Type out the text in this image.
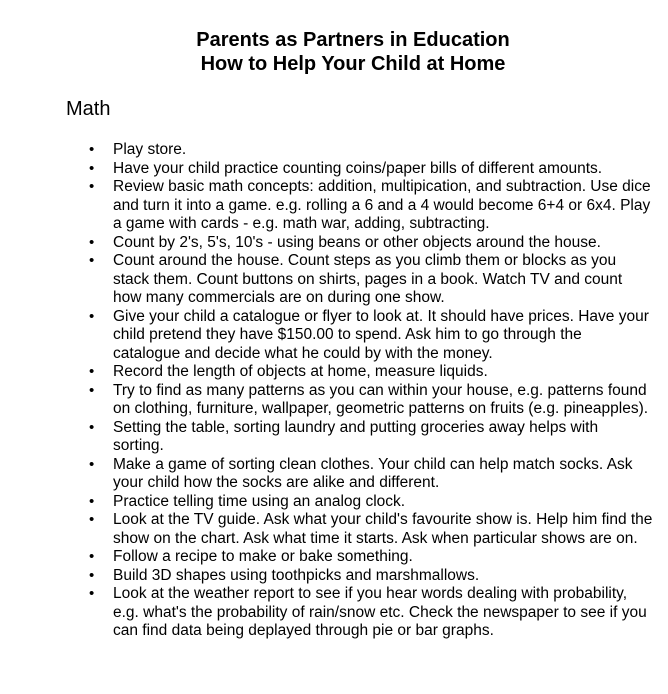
Parents as Partners in Education
How to Help Your Child at Home
Math
• Play store.
• Have your child practice counting coins/paper bills of different amounts.
• Review basic math concepts: addition, multipication, and subtraction. Use dice and turn it into a game. e.g. rolling a 6 and a 4 would become 6+4 or 6x4. Play a game with cards - e.g. math war, adding, subtracting.
• Count by 2's, 5's, 10's - using beans or other objects around the house.
• Count around the house. Count steps as you climb them or blocks as you stack them. Count buttons on shirts, pages in a book. Watch TV and count how many commercials are on during one show.
• Give your child a catalogue or flyer to look at. It should have prices. Have your child pretend they have $150.00 to spend. Ask him to go through the catalogue and decide what he could by with the money.
• Record the length of objects at home, measure liquids.
• Try to find as many patterns as you can within your house, e.g. patterns found on clothing, furniture, wallpaper, geometric patterns on fruits (e.g. pineapples).
• Setting the table, sorting laundry and putting groceries away helps with sorting.
• Make a game of sorting clean clothes. Your child can help match socks. Ask your child how the socks are alike and different.
• Practice telling time using an analog clock.
• Look at the TV guide. Ask what your child's favourite show is. Help him find the show on the chart. Ask what time it starts. Ask when particular shows are on.
• Follow a recipe to make or bake something.
• Build 3D shapes using toothpicks and marshmallows.
• Look at the weather report to see if you hear words dealing with probability, e.g. what's the probability of rain/snow etc. Check the newspaper to see if you can find data being deplayed through pie or bar graphs.
